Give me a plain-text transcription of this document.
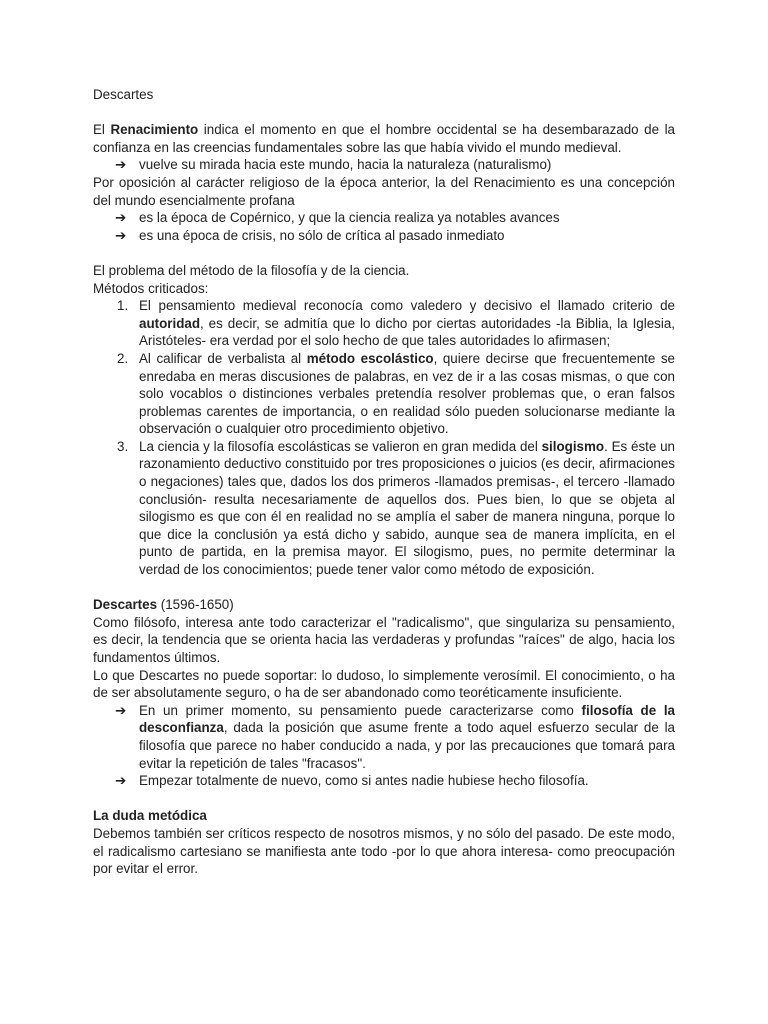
Descartes

El Renacimiento indica el momento en que el hombre occidental se ha desembarazado de la confianza en las creencias fundamentales sobre las que había vivido el mundo medieval.

➔ vuelve su mirada hacia este mundo, hacia la naturaleza (naturalismo)

Por oposición al carácter religioso de la época anterior, la del Renacimiento es una concepción del mundo esencialmente profana

➔ es la época de Copérnico, y que la ciencia realiza ya notables avances
➔ es una época de crisis, no sólo de crítica al pasado inmediato

El problema del método de la filosofía y de la ciencia.

Métodos criticados:

1. El pensamiento medieval reconocía como valedero y decisivo el llamado criterio de autoridad, es decir, se admitía que lo dicho por ciertas autoridades -la Biblia, la Iglesia, Aristóteles- era verdad por el solo hecho de que tales autoridades lo afirmasen;
2. Al calificar de verbalista al método escolástico, quiere decirse que frecuentemente se enredaba en meras discusiones de palabras, en vez de ir a las cosas mismas, o que con solo vocablos o distinciones verbales pretendía resolver problemas que, o eran falsos problemas carentes de importancia, o en realidad sólo pueden solucionarse mediante la observación o cualquier otro procedimiento objetivo.
3. La ciencia y la filosofía escolásticas se valieron en gran medida del silogismo. Es éste un razonamiento deductivo constituido por tres proposiciones o juicios (es decir, afirmaciones o negaciones) tales que, dados los dos primeros -llamados premisas-, el tercero -llamado conclusión- resulta necesariamente de aquellos dos. Pues bien, lo que se objeta al silogismo es que con él en realidad no se amplía el saber de manera ninguna, porque lo que dice la conclusión ya está dicho y sabido, aunque sea de manera implícita, en el punto de partida, en la premisa mayor. El silogismo, pues, no permite determinar la verdad de los conocimientos; puede tener valor como método de exposición.

Descartes (1596-1650)

Como filósofo, interesa ante todo caracterizar el "radicalismo", que singulariza su pensamiento, es decir, la tendencia que se orienta hacia las verdaderas y profundas "raíces" de algo, hacia los fundamentos últimos.

Lo que Descartes no puede soportar: lo dudoso, lo simplemente verosímil. El conocimiento, o ha de ser absolutamente seguro, o ha de ser abandonado como teoréticamente insuficiente.

➔ En un primer momento, su pensamiento puede caracterizarse como filosofía de la desconfianza, dada la posición que asume frente a todo aquel esfuerzo secular de la filosofía que parece no haber conducido a nada, y por las precauciones que tomará para evitar la repetición de tales "fracasos".
➔ Empezar totalmente de nuevo, como si antes nadie hubiese hecho filosofía.

La duda metódica

Debemos también ser críticos respecto de nosotros mismos, y no sólo del pasado. De este modo, el radicalismo cartesiano se manifiesta ante todo -por lo que ahora interesa- como preocupación por evitar el error.
